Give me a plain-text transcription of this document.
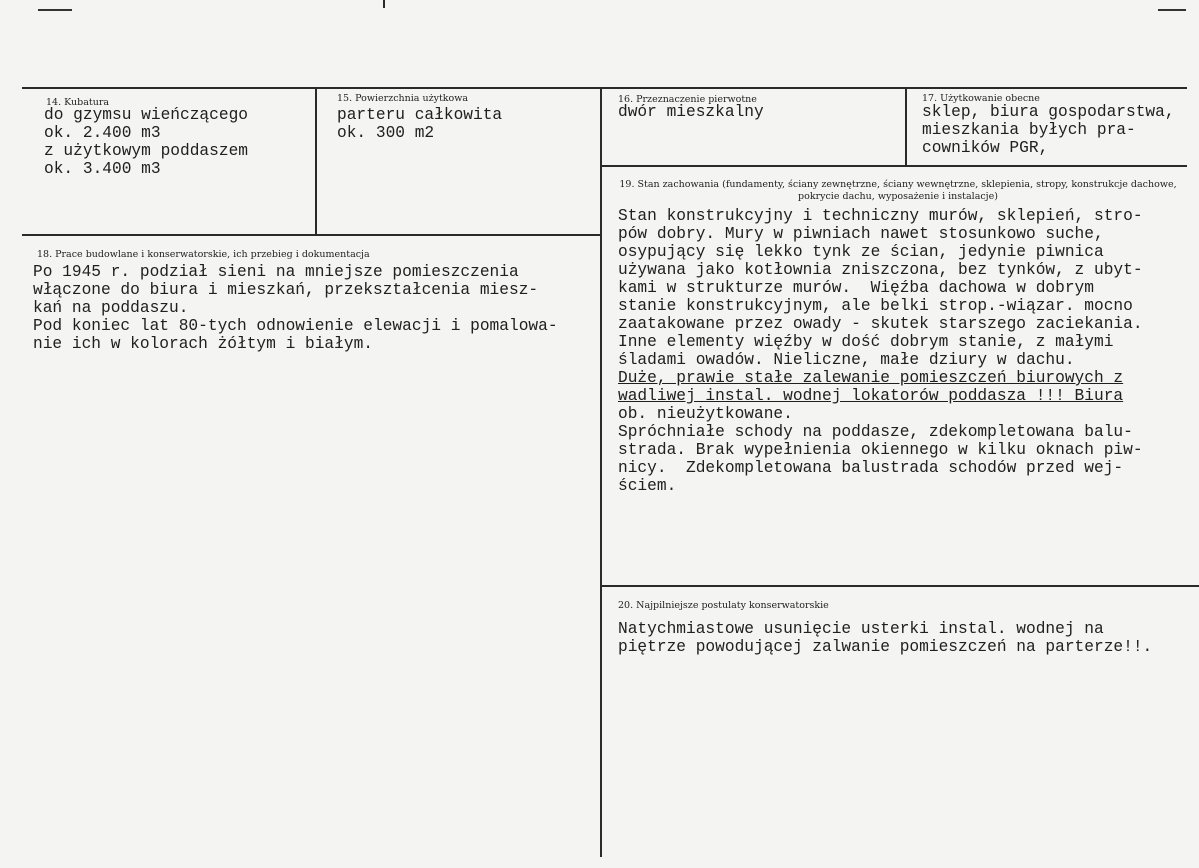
14. Kubatura
do gzymsu wieńczącego
ok. 2.400 m3
z użytkowym poddaszem
ok. 3.400 m3
15. Powierzchnia użytkowa
parteru całkowita
ok. 300 m2
16. Przeznaczenie pierwotne
dwór mieszkalny
17. Użytkowanie obecne
sklep, biura gospodarstwa,
mieszkania byłych pra-
cowników PGR,
18. Prace budowlane i konserwatorskie, ich przebieg i dokumentacja
Po 1945 r. podział sieni na mniejsze pomieszczenia
włączone do biura i mieszkań, przekształcenia miesz-
kań na poddaszu.
Pod koniec lat 80-tych odnowienie elewacji i pomalowa-
nie ich w kolorach żółtym i białym.
19. Stan zachowania (fundamenty, ściany zewnętrzne, ściany wewnętrzne, sklepienia, stropy, konstrukcje dachowe, pokrycie dachu, wyposażenie i instalacje)
Stan konstrukcyjny i techniczny murów, sklepień, stro-
pów dobry. Mury w piwniach nawet stosunkowo suche,
osypujący się lekko tynk ze ścian, jedynie piwnica
używana jako kotłownia zniszczona, bez tynków, z ubyt-
kami w strukturze murów.  Więźba dachowa w dobrym
stanie konstrukcyjnym, ale belki strop.-wiązar. mocno
zaatakowane przez owady - skutek starszego zaciekania.
Inne elementy więźby w dość dobrym stanie, z małymi
śladami owadów. Nieliczne, małe dziury w dachu.
Duże, prawie stałe zalewanie pomieszczeń biurowych z
wadliwej instal. wodnej lokatorów poddasza !!! Biura
ob. nieużytkowane.
Spróchniałe schody na poddasze, zdekompletowana balu-
strada. Brak wypełnienia okiennego w kilku oknach piw-
nicy.  Zdekompletowana balustrada schodów przed wej-
ściem.
20. Najpilniejsze postulaty konserwatorskie
Natychmiastowe usunięcie usterki instal. wodnej na
piętrze powodującej zalwanie pomieszczeń na parterze!!.
